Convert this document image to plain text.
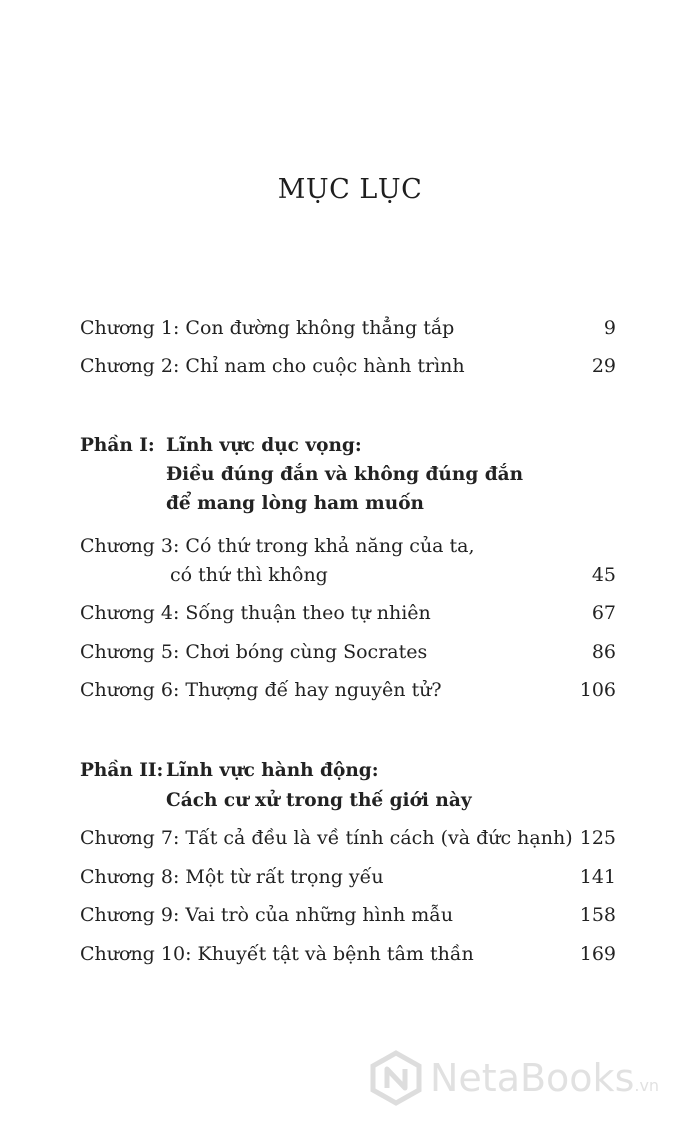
MỤC LỤC
Chương 1: Con đường không thẳng tắp	9
Chương 2: Chỉ nam cho cuộc hành trình	29
Phần I: Lĩnh vực dục vọng:
Điều đúng đắn và không đúng đắn
để mang lòng ham muốn
Chương 3: Có thứ trong khả năng của ta,
có thứ thì không	45
Chương 4: Sống thuận theo tự nhiên	67
Chương 5: Chơi bóng cùng Socrates	86
Chương 6: Thượng đế hay nguyên tử?	106
Phần II: Lĩnh vực hành động:
Cách cư xử trong thế giới này
Chương 7: Tất cả đều là về tính cách (và đức hạnh) 125
Chương 8: Một từ rất trọng yếu	141
Chương 9: Vai trò của những hình mẫu	158
Chương 10: Khuyết tật và bệnh tâm thần	169
NetaBooks.vn
